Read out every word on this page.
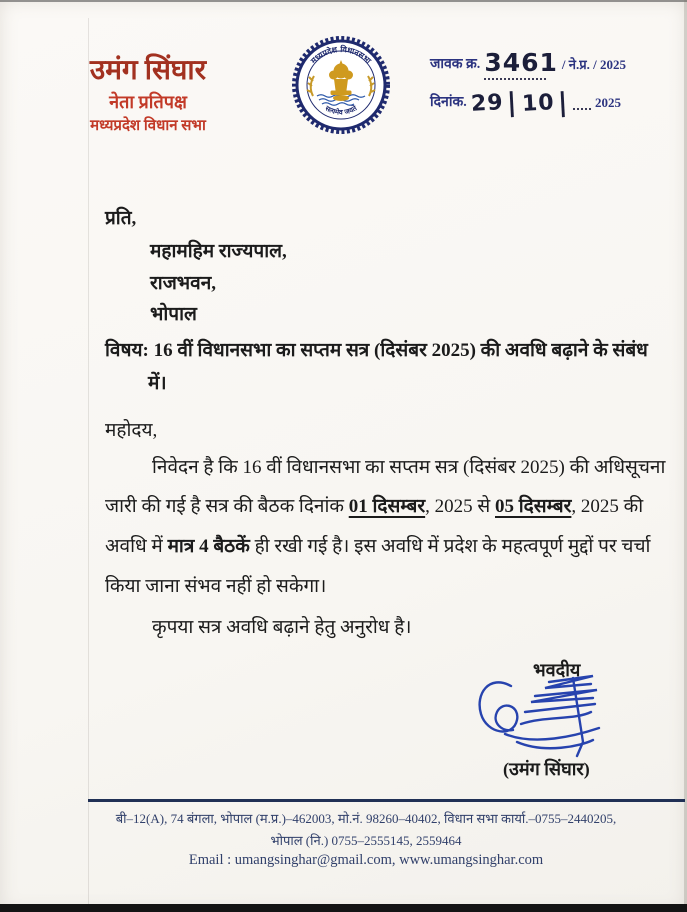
उमंग सिंघार
नेता प्रतिपक्ष
मध्यप्रदेश विधान सभा
मध्यप्रदेश विधानसभा
सत्यमेव जयते
जावक क्र. 3461 / ने.प्र. / 2025
दिनांक. 29 | 10 | 2025
प्रति,
महामहिम राज्यपाल,
राजभवन,
भोपाल
विषय: 16 वीं विधानसभा का सप्तम सत्र (दिसंबर 2025) की अवधि बढ़ाने के संबंध
में।
महोदय,
निवेदन है कि 16 वीं विधानसभा का सप्तम सत्र (दिसंबर 2025) की अधिसूचना
जारी की गई है सत्र की बैठक दिनांक 01 दिसम्बर, 2025 से 05 दिसम्बर, 2025 की
अवधि में मात्र 4 बैठकें ही रखी गई है। इस अवधि में प्रदेश के महत्वपूर्ण मुद्दों पर चर्चा
किया जाना संभव नहीं हो सकेगा।
कृपया सत्र अवधि बढ़ाने हेतु अनुरोध है।
भवदीय
(उमंग सिंघार)
बी–12(A), 74 बंगला, भोपाल (म.प्र.)–462003, मो.नं. 98260–40402, विधान सभा कार्या.–0755–2440205,
भोपाल (नि.) 0755–2555145, 2559464
Email : umangsinghar@gmail.com, www.umangsinghar.com
